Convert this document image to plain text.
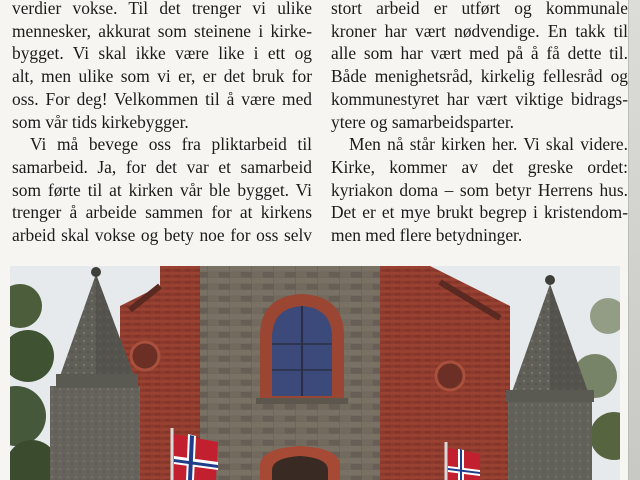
verdier vokse. Til det trenger vi ulike
mennesker, akkurat som steinene i kirke-
bygget. Vi skal ikke være like i ett og
alt, men ulike som vi er, er det bruk for
oss. For deg! Velkommen til å være med
som vår tids kirkebygger.
Vi må bevege oss fra pliktarbeid til
samarbeid. Ja, for det var et samarbeid
som førte til at kirken vår ble bygget. Vi
trenger å arbeide sammen for at kirkens
arbeid skal vokse og bety noe for oss selv
stort arbeid er utført og kommunale
kroner har vært nødvendige. En takk til
alle som har vært med på å få dette til.
Både menighetsråd, kirkelig fellesråd og
kommunestyret har vært viktige bidrags-
ytere og samarbeidsparter.
Men nå står kirken her. Vi skal videre.
Kirke, kommer av det greske ordet:
kyriakon doma – som betyr Herrens hus.
Det er et mye brukt begrep i kristendom-
men med flere betydninger.
